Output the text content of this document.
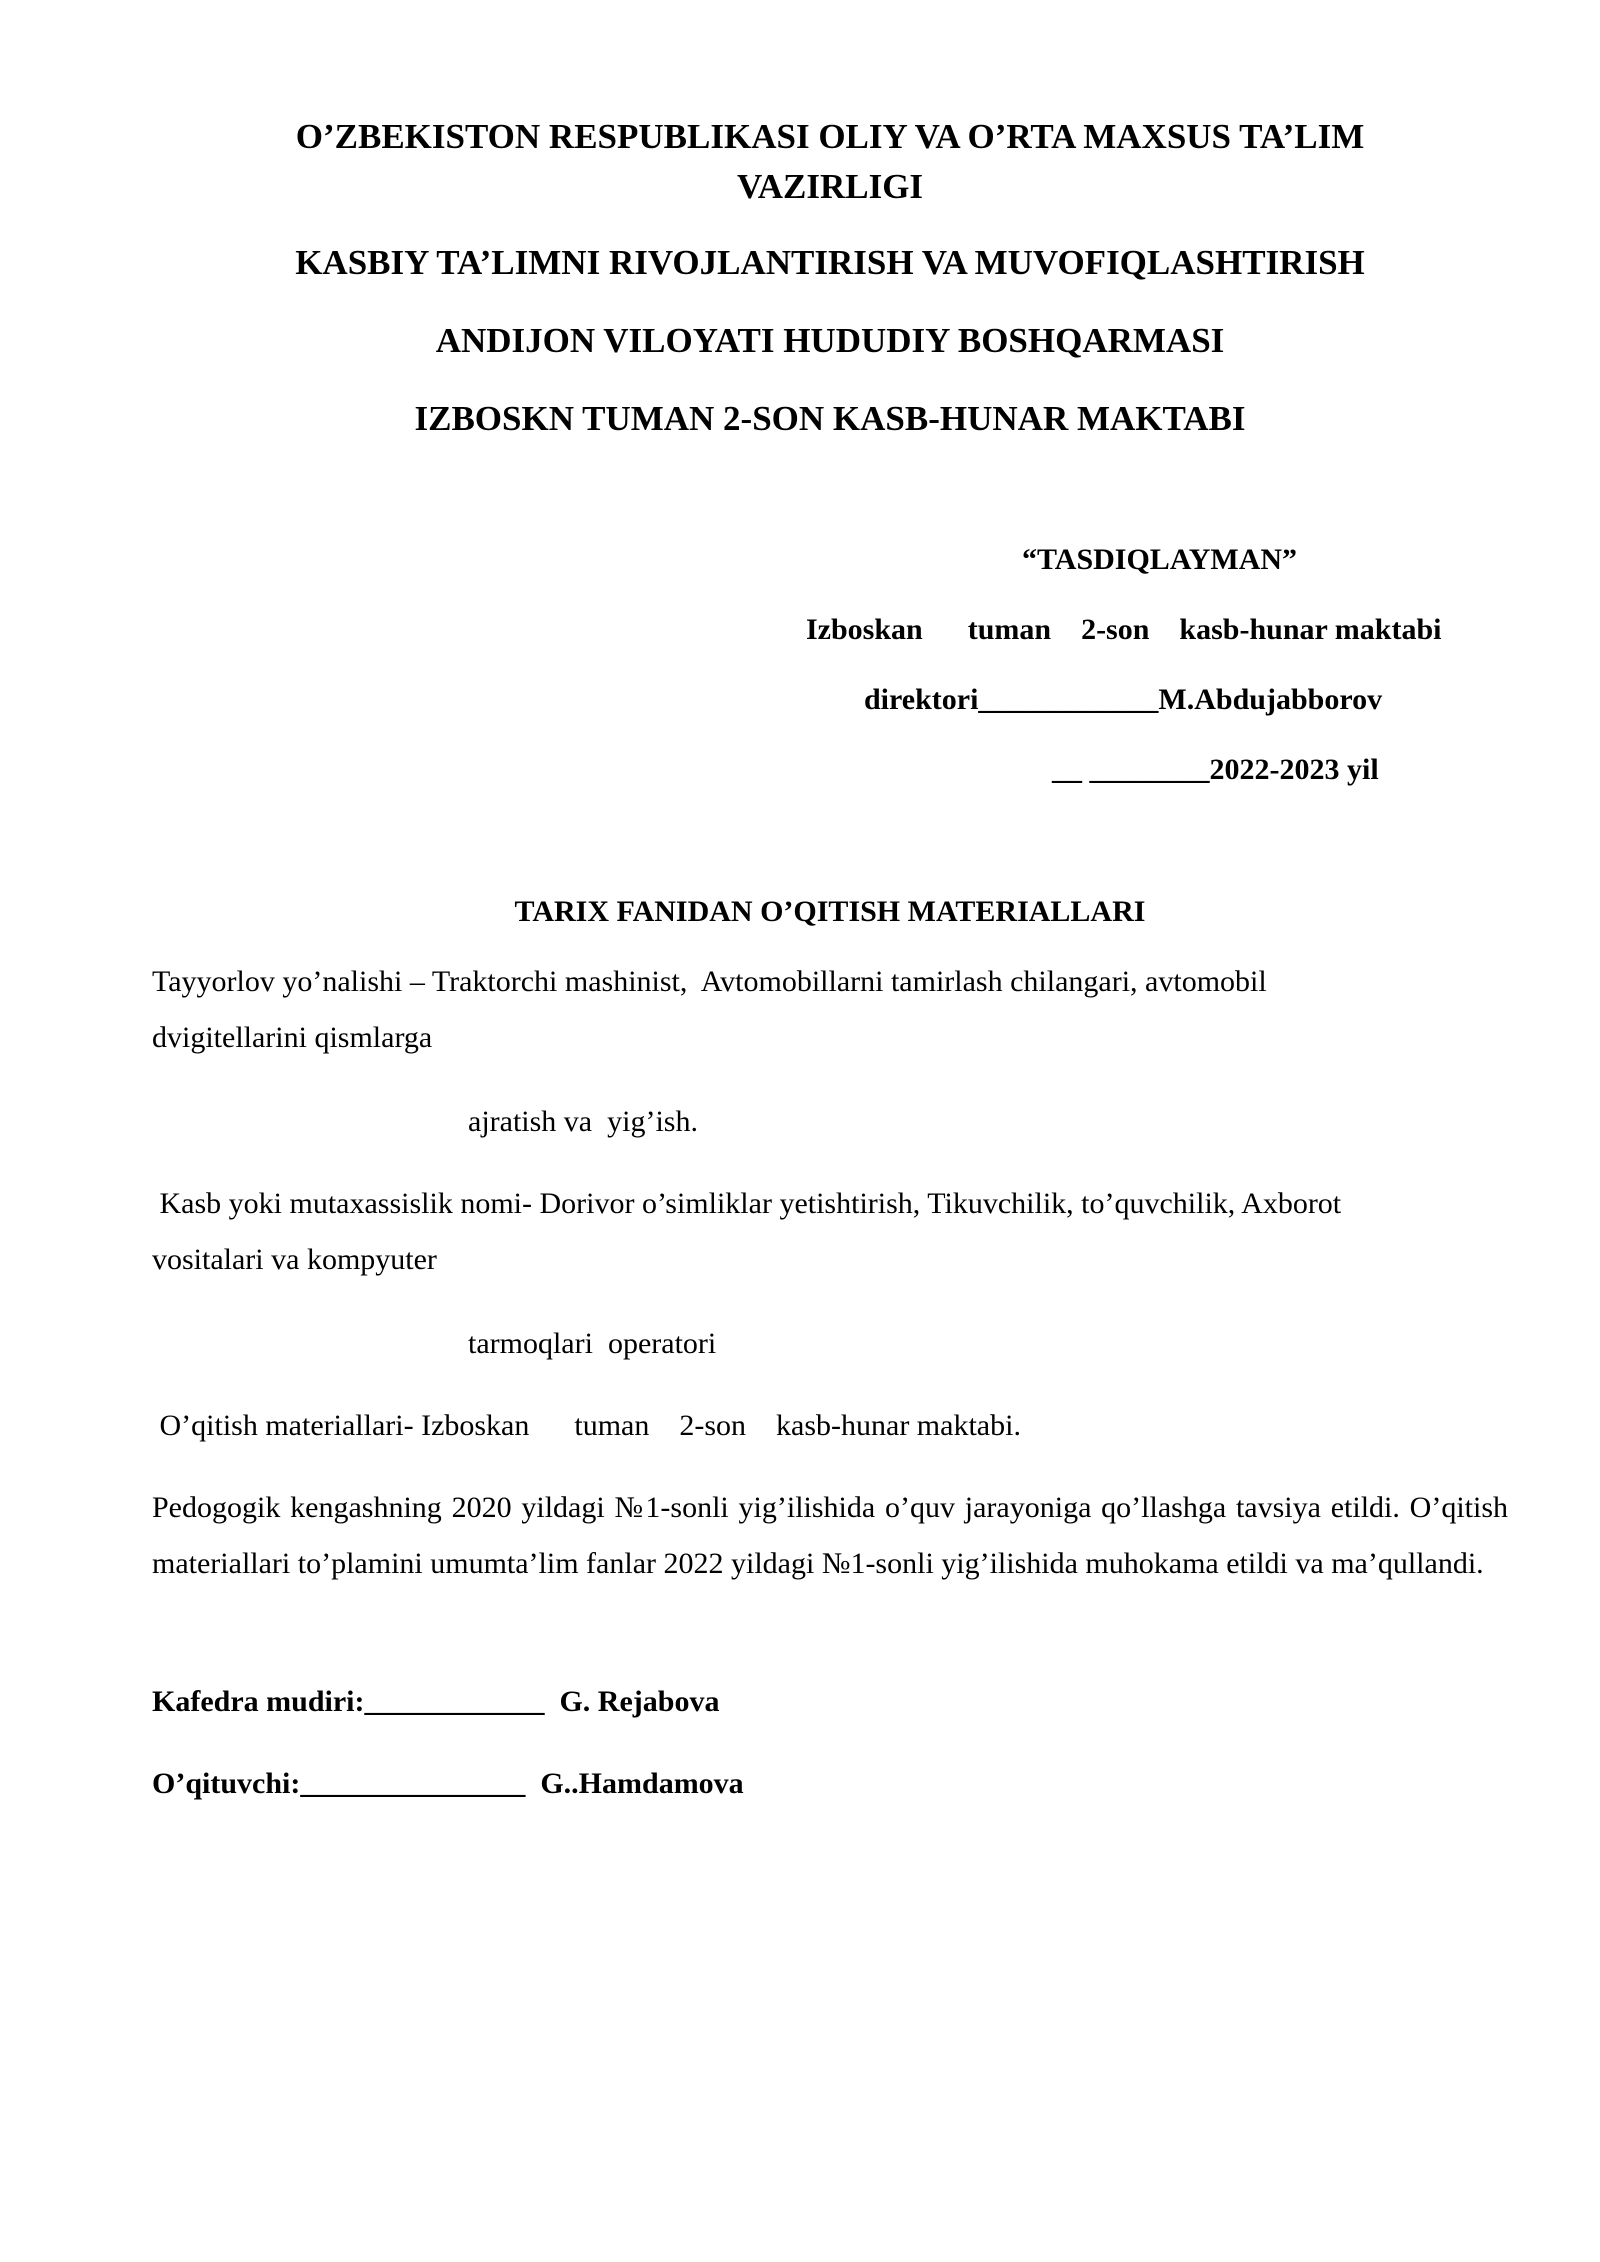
O’ZBEKISTON RESPUBLIKASI OLIY VA O’RTA MAXSUS TA’LIM
VAZIRLIGI
KASBIY TA’LIMNI RIVOJLANTIRISH VA MUVOFIQLASHTIRISH
ANDIJON VILOYATI HUDUDIY BOSHQARMASI
IZBOSKN TUMAN 2-SON KASB-HUNAR MAKTABI
“TASDIQLAYMAN”
Izboskan      tuman    2-son    kasb-hunar maktabi
direktori____________M.Abdujabborov
__ ________2022-2023 yil
TARIX FANIDAN O’QITISH MATERIALLARI
Tayyorlov yo’nalishi – Traktorchi mashinist,  Avtomobillarni tamirlash chilangari, avtomobil
dvigitellarini qismlarga
ajratish va  yig’ish.
Kasb yoki mutaxassislik nomi- Dorivor o’simliklar yetishtirish, Tikuvchilik, to’quvchilik, Axborot
vositalari va kompyuter
tarmoqlari  operatori
O’qitish materiallari- Izboskan      tuman    2-son    kasb-hunar maktabi.
Pedogogik kengashning 2020 yildagi №1-sonli yig’ilishida o’quv jarayoniga qo’llashga tavsiya etildi. O’qitish materiallari to’plamini umumta’lim fanlar 2022 yildagi №1-sonli yig’ilishida muhokama etildi va ma’qullandi.
Kafedra mudiri:____________  G. Rejabova
O’qituvchi:_______________  G..Hamdamova
